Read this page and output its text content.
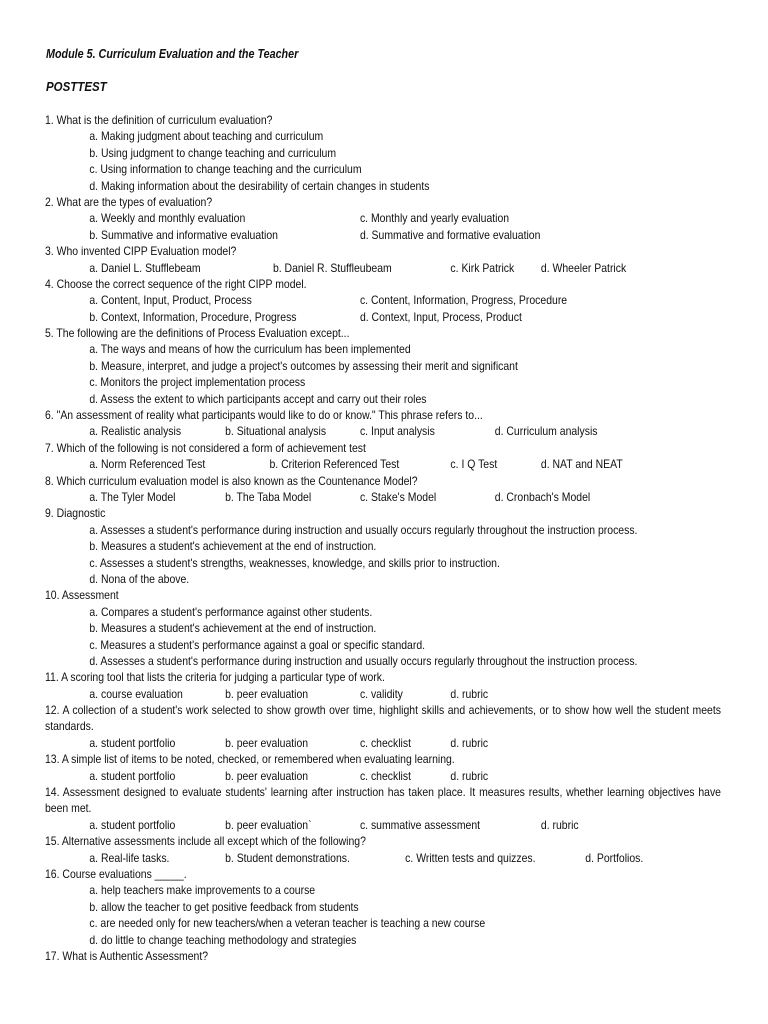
Module 5. Curriculum Evaluation and the Teacher
POSTTEST
1. What is the definition of curriculum evaluation?
a. Making judgment about teaching and curriculum
b. Using judgment to change teaching and curriculum
c. Using information to change teaching and the curriculum
d. Making information about the desirability of certain changes in students
2. What are the types of evaluation?
a. Weekly and monthly evaluation	c. Monthly and yearly evaluation
b. Summative and informative evaluation	d. Summative and formative evaluation
3. Who invented CIPP Evaluation model?
a. Daniel L. Stufflebeam	b. Daniel R. Stuffleubeam	c. Kirk Patrick d. Wheeler Patrick
4. Choose the correct sequence of the right CIPP model.
a. Content, Input, Product, Process	c. Content, Information, Progress, Procedure
b. Context, Information, Procedure, Progress	d. Context, Input, Process, Product
5. The following are the definitions of Process Evaluation except...
a. The ways and means of how the curriculum has been implemented
b. Measure, interpret, and judge a project's outcomes by assessing their merit and significant
c. Monitors the project implementation process
d. Assess the extent to which participants accept and carry out their roles
6. "An assessment of reality what participants would like to do or know." This phrase refers to...
a. Realistic analysis	b. Situational analysis	c. Input analysis	d. Curriculum analysis
7. Which of the following is not considered a form of achievement test
a. Norm Referenced Test	b. Criterion Referenced Test	c. I Q Test	d. NAT and NEAT
8. Which curriculum evaluation model is also known as the Countenance Model?
a. The Tyler Model	b. The Taba Model	c. Stake's Model	d. Cronbach's Model
9. Diagnostic
a. Assesses a student's performance during instruction and usually occurs regularly throughout the instruction process.
b. Measures a student's achievement at the end of instruction.
c. Assesses a student's strengths, weaknesses, knowledge, and skills prior to instruction.
d. Nona of the above.
10. Assessment
a. Compares a student's performance against other students.
b. Measures a student's achievement at the end of instruction.
c. Measures a student's performance against a goal or specific standard.
d. Assesses a student's performance during instruction and usually occurs regularly throughout the instruction process.
11. A scoring tool that lists the criteria for judging a particular type of work.
a. course evaluation	b. peer evaluation	c. validity	d. rubric
12. A collection of a student's work selected to show growth over time, highlight skills and achievements, or to show how well the student meets standards.
a. student portfolio	b. peer evaluation	c. checklist	d. rubric
13. A simple list of items to be noted, checked, or remembered when evaluating learning.
a. student portfolio	b. peer evaluation	c. checklist	d. rubric
14. Assessment designed to evaluate students' learning after instruction has taken place. It measures results, whether learning objectives have been met.
a. student portfolio	b. peer evaluation`	c. summative assessment	d. rubric
15. Alternative assessments include all except which of the following?
a. Real-life tasks.	b. Student demonstrations.	c. Written tests and quizzes.	d. Portfolios.
16. Course evaluations _____.
a. help teachers make improvements to a course
b. allow the teacher to get positive feedback from students
c. are needed only for new teachers/when a veteran teacher is teaching a new course
d. do little to change teaching methodology and strategies
17. What is Authentic Assessment?
